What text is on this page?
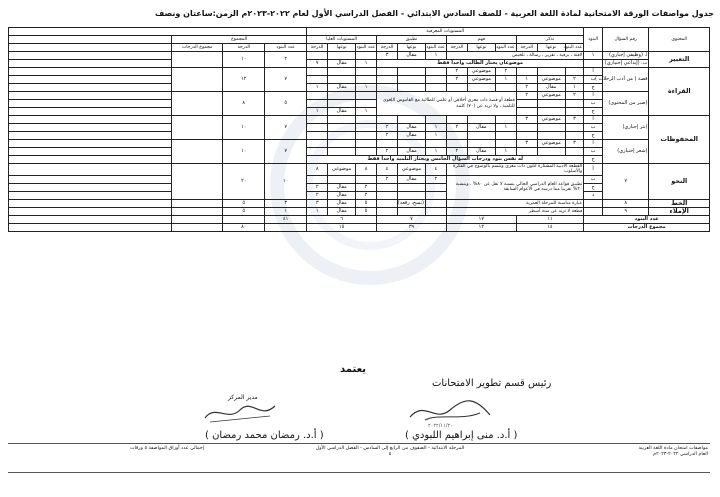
جدول مواصفات الورقة الامتحانية لمادة اللغة العربية - للصف السادس الابتدائي - الفصل الدراسي الأول لعام ٢٠٢٢-٢٠٢٣م الزمن:ساعتان ونصف
المحتوى	رقم السؤال	البنود	المستويات المعرفية															
			تذكر			فهم			تطبيق			المستويات العليا			المجموع			
			عدد البنود	نوعها	الدرجة	عدد البنود	نوعها	الدرجة	عدد البنود	نوعها	الدرجة	عدد البنود	نوعها	الدرجة	عدد البنود	الدرجة	مجموع الدرجات	
التعبير	أ. (وظيفي إجباري)	١	لافتة ، برقية ، تقرير ، رسالة ، تلخيص						١	مقال	٣				٢	١٠		
	ب. (إبداعي إختياري)		موضوعان يختار الطالب واحداً فقط									١	مقال	٧				
القراءة	قصة ( من أدب الرحلات )	أ				٢	موضوعي	٢							٧	١٢		
		ب	٢	موضوعي	١	١	موضوعي	٢										
		ج	١	مقال	٢							١	مقال	١				
	(صبر من المحتوى)	أ	٢	موضوعي	٢	قطعة أو قصة ذات مغزى أخلاقي أو علمي للطالبة مع القاموس اللغوي للتلميذ ، ولا تزيد عن (٧٠) كلمة									٥	٨		
		ب																
		ج										١	مقال	١				
المحفوظات	(نثر إجباري)	أ	٣	موضوعي	٣										٧	١٠		
		ب				١	مقال	٢	١	مقال	٢							
		ج							١	مقال	٢							
	(شعر إختياري)	أ	٣	موضوعي	٣										٧	١٠		
		ب				١	مقال	٢	١	مقال	٢							
		ج	له نفس بنود ودرجات السؤال الخامس ويختار التلميذ واحداً فقط															
النحو	٧	أ	القطعة الأدبية المشتارة لتلون ذات مغزى وتتسم بالوضوح في الفكرة والأسلوب						٤	موضوعي	٤	٨	موضوعي	٨	١٠	٢٠		
		ب	تطبيق قواعد العام الدراسي الحالي بنسبة لا تقل عن ٨٠% ، وبنسبة ٢٠% تقريبا مما درسه في الأعوام السابقة						٢	مقال	٢							
		ج										٢	مقال	٢				
		د										٢	مقال	٢				
الخط	٨		عبارة مناسبة للمرحلة العمرية							(نسخ، رقعة)		٥	مقال	٣	٣	٥		
الإملاء	٩		قطعة لا تزيد عن ستة أسطر									٥	مقال	١	١	٥		
عدد البنود			١١			١٧			٧			٦			٤١			
مجموع الدرجات			١٤			١٢			٣٩			١٥				٨٠		
يعتمد
رئيس قسم تطوير الامتحانات
٢٠٢٢/١١/٢٠
( أ.د. منى إبراهيم اللبودي )
مدير المركز
( أ.د. رمضان محمد رمضان )
مواصفات امتحان مادة اللغة العربية
العام الدراسي ٢٠٢٢-٢٠٢٣م
المرحلة الابتدائية - الصفوف من الرابع إلى السادس - الفصل الدراسي الأول
٥
إجمالي عدد أوراق المواصفة ٥ ورقات
